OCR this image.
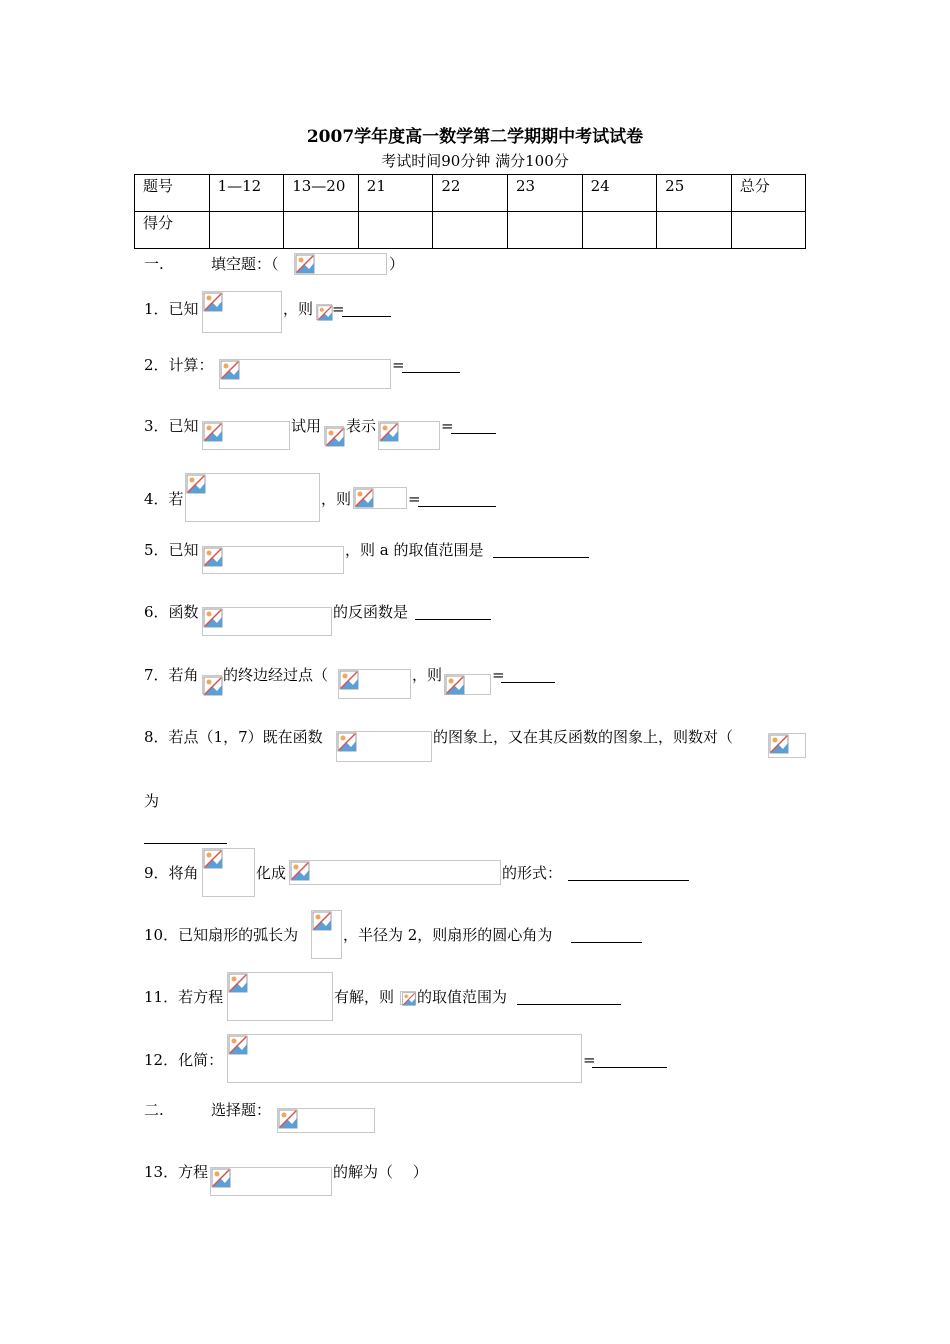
2007学年度高一数学第二学期期中考试试卷
考试时间90分钟 满分100分
题号	1—12	13—20	21	22	23	24	25	总分
得分								
一.	填空题：（	）
1．已知	，则 =
2．计算：	=
3．已知	试用 表示	=
4．若	，则	=
5．已知	，则 a 的取值范围是
6．函数	的反函数是
7．若角 的终边经过点（	，则	=
8．若点（1，7）既在函数	的图象上，又在其反函数的图象上，则数对（
为
9．将角	化成	的形式：
10．已知扇形的弧长为	，半径为 2，则扇形的圆心角为
11．若方程	有解，则 的取值范围为
12．化简：	=
二.	选择题：
13．方程	的解为（　 ）
